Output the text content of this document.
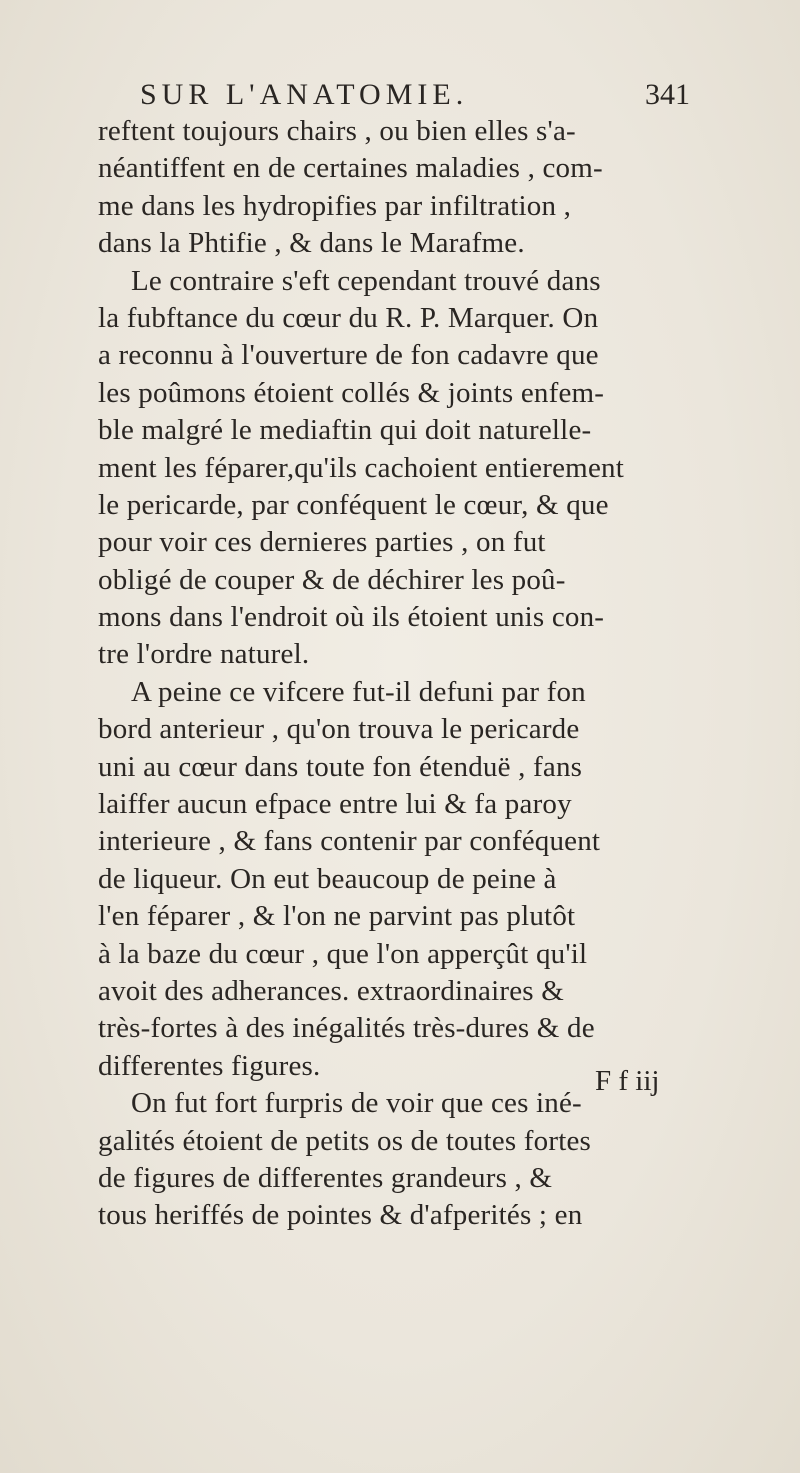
SUR L'ANATOMIE.	341
reftent toujours chairs , ou bien elles s'a-
néantiffent en de certaines maladies , com-
me dans les hydropifies par infiltration ,
dans la Phtifie , & dans le Marafme.
Le contraire s'eft cependant trouvé dans
la fubftance du cœur du R. P. Marquer. On
a reconnu à l'ouverture de fon cadavre que
les poûmons étoient collés & joints enfem-
ble malgré le mediaftin qui doit naturelle-
ment les féparer,qu'ils cachoient entierement
le pericarde, par conféquent le cœur, & que
pour voir ces dernieres parties , on fut
obligé de couper & de déchirer les poû-
mons dans l'endroit où ils étoient unis con-
tre l'ordre naturel.
A peine ce vifcere fut-il defuni par fon
bord anterieur , qu'on trouva le pericarde
uni au cœur dans toute fon étenduë , fans
laiffer aucun efpace entre lui & fa paroy
interieure , & fans contenir par conféquent
de liqueur. On eut beaucoup de peine à
l'en féparer , & l'on ne parvint pas plutôt
à la baze du cœur , que l'on apperçût qu'il
avoit des adherances. extraordinaires &
très-fortes à des inégalités très-dures & de
differentes figures.
On fut fort furpris de voir que ces iné-
galités étoient de petits os de toutes fortes
de figures de differentes grandeurs , &
tous heriffés de pointes & d'afperités ; en
F f iij
